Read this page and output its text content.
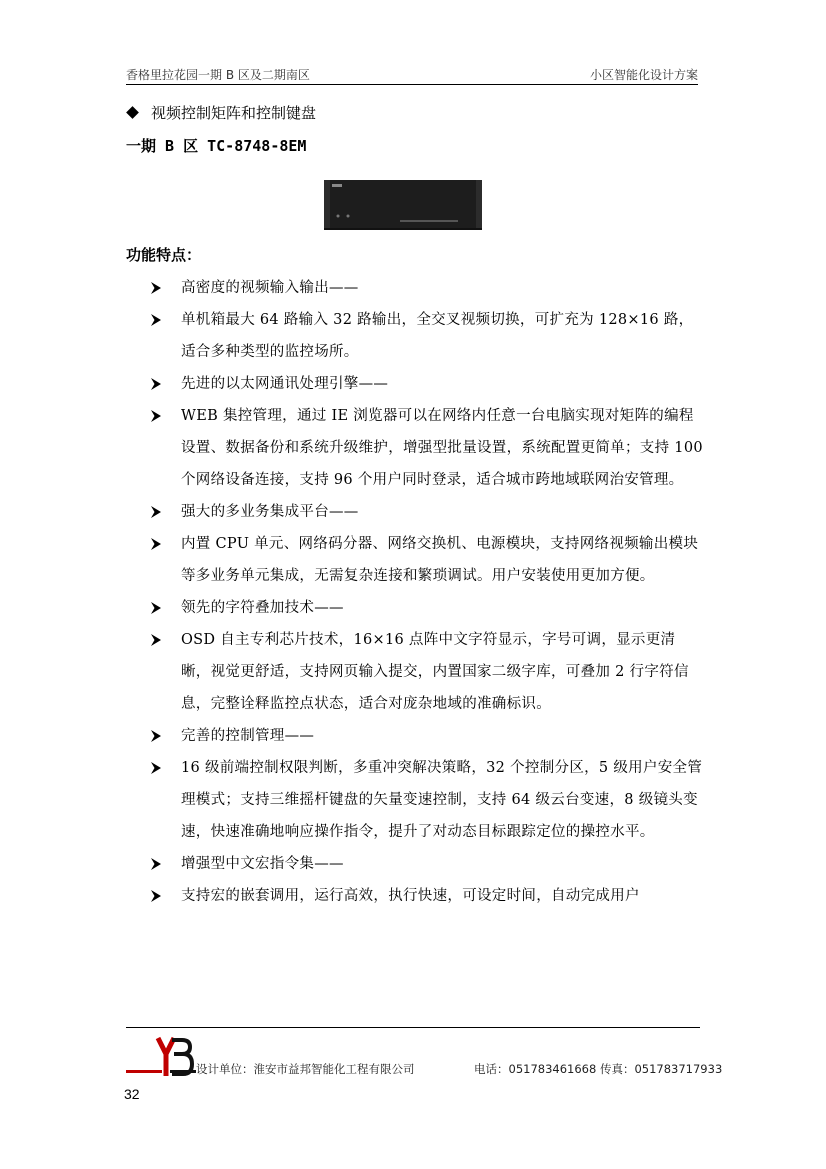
香格里拉花园一期 B 区及二期南区	小区智能化设计方案
视频控制矩阵和控制键盘
一期 B 区 TC-8748-8EM
功能特点：
高密度的视频输入输出——
单机箱最大 64 路输入 32 路输出，全交叉视频切换，可扩充为 128×16 路，适合多种类型的监控场所。
先进的以太网通讯处理引擎——
WEB 集控管理，通过 IE 浏览器可以在网络内任意一台电脑实现对矩阵的编程设置、数据备份和系统升级维护，增强型批量设置，系统配置更简单；支持 100 个网络设备连接，支持 96 个用户同时登录，适合城市跨地域联网治安管理。
强大的多业务集成平台——
内置 CPU 单元、网络码分器、网络交换机、电源模块，支持网络视频输出模块等多业务单元集成，无需复杂连接和繁琐调试。用户安装使用更加方便。
领先的字符叠加技术——
OSD 自主专利芯片技术，16×16 点阵中文字符显示，字号可调，显示更清晰，视觉更舒适，支持网页输入提交，内置国家二级字库，可叠加 2 行字符信息，完整诠释监控点状态，适合对庞杂地域的准确标识。
完善的控制管理——
16 级前端控制权限判断，多重冲突解决策略，32 个控制分区，5 级用户安全管理模式；支持三维摇杆键盘的矢量变速控制，支持 64 级云台变速，8 级镜头变速，快速准确地响应操作指令，提升了对动态目标跟踪定位的操控水平。
增强型中文宏指令集——
支持宏的嵌套调用，运行高效，执行快速，可设定时间，自动完成用户
设计单位：淮安市益邦智能化工程有限公司	电话：051783461668 传真：051783717933
32
